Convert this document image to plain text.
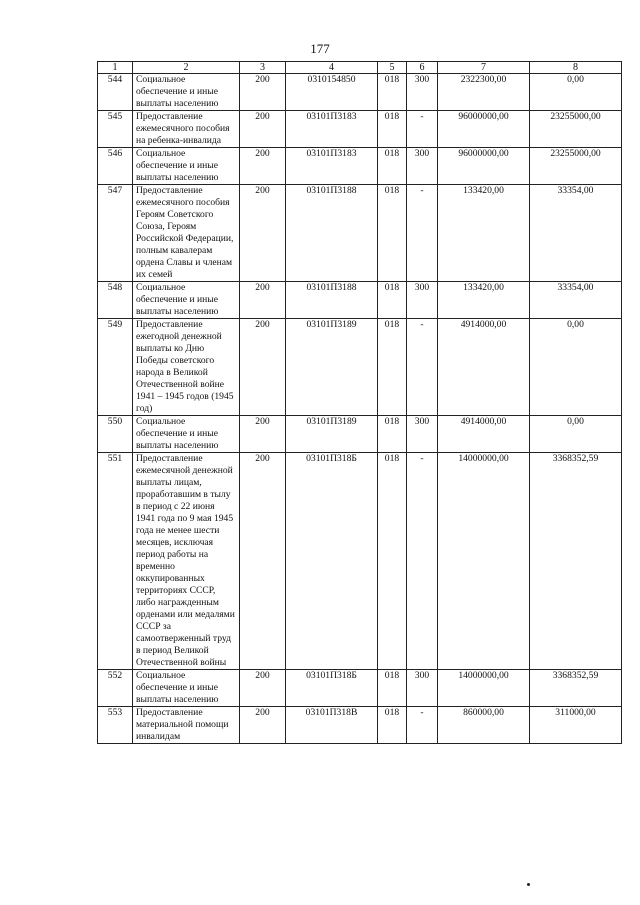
177
1	2	3	4	5	6	7	8
544	Социальное обеспечение и иные выплаты населению	200	0310154850	018	300	2322300,00	0,00
545	Предоставление ежемесячного пособия на ребенка-инвалида	200	03101П3183	018	-	96000000,00	23255000,00
546	Социальное обеспечение и иные выплаты населению	200	03101П3183	018	300	96000000,00	23255000,00
547	Предоставление ежемесячного пособия Героям Советского Союза, Героям Российской Федерации, полным кавалерам ордена Славы и членам их семей	200	03101П3188	018	-	133420,00	33354,00
548	Социальное обеспечение и иные выплаты населению	200	03101П3188	018	300	133420,00	33354,00
549	Предоставление ежегодной денежной выплаты ко Дню Победы советского народа в Великой Отечественной войне 1941 – 1945 годов (1945 год)	200	03101П3189	018	-	4914000,00	0,00
550	Социальное обеспечение и иные выплаты населению	200	03101П3189	018	300	4914000,00	0,00
551	Предоставление ежемесячной денежной выплаты лицам, проработавшим в тылу в период с 22 июня 1941 года по 9 мая 1945 года не менее шести месяцев, исключая период работы на временно оккупированных территориях СССР, либо награжденным орденами или медалями СССР за самоотверженный труд в период Великой Отечественной войны	200	03101П318Б	018	-	14000000,00	3368352,59
552	Социальное обеспечение и иные выплаты населению	200	03101П318Б	018	300	14000000,00	3368352,59
553	Предоставление материальной помощи инвалидам	200	03101П318В	018	-	860000,00	311000,00
